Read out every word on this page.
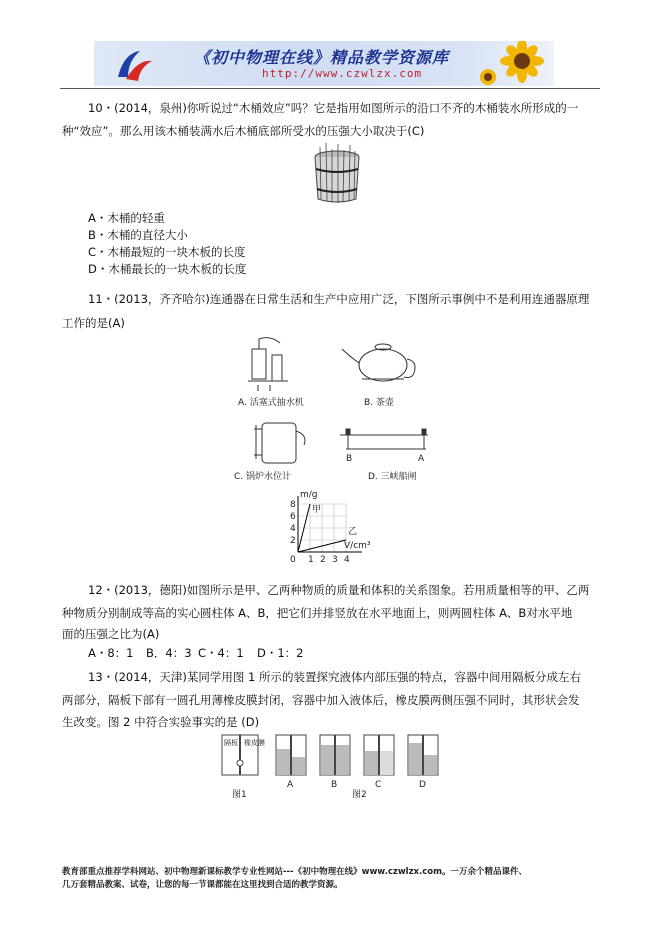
《初中物理在线》精品教学资源库
http://www.czwlzx.com
10・(2014，泉州)你听说过“木桶效应”吗？它是指用如图所示的沿口不齐的木桶装水所形成的一
种“效应”。那么用该木桶装满水后木桶底部所受水的压强大小取决于(C)
A・木桶的轻重
B・木桶的直径大小
C・木桶最短的一块木板的长度
D・木桶最长的一块木板的长度
11・(2013，齐齐哈尔)连通器在日常生活和生产中应用广泛，下图所示事例中不是利用连通器原理
工作的是(A)
A. 活塞式抽水机	B. 茶壶
C. 锅炉水位计
B	A
D. 三峡船闸
m/g
V/cm³
甲
乙
8
6
4
2
0 1 2 3 4
12・(2013，德阳)如图所示是甲、乙两种物质的质量和体积的关系图象。若用质量相等的甲、乙两
种物质分别制成等高的实心圆柱体 A、B，把它们并排竖放在水平地面上，则两圆柱体 A、B对水平地
面的压强之比为(A)
A・8：1 B．4：3 C・4：1 D・1：2
13・(2014，天津)某同学用图 1 所示的装置探究液体内部压强的特点，容器中间用隔板分成左右
两部分，隔板下部有一圆孔用薄橡皮膜封闭，容器中加入液体后，橡皮膜两侧压强不同时，其形状会发
生改变。图 2 中符合实验事实的是 (D)
隔板 橡皮膜
图1
A	B	C	D
图2
教育部重点推荐学科网站、初中物理新课标教学专业性网站---《初中物理在线》www.czwlzx.com。一万余个精品课件、
几万套精品教案、试卷，让您的每一节课都能在这里找到合适的教学资源。
